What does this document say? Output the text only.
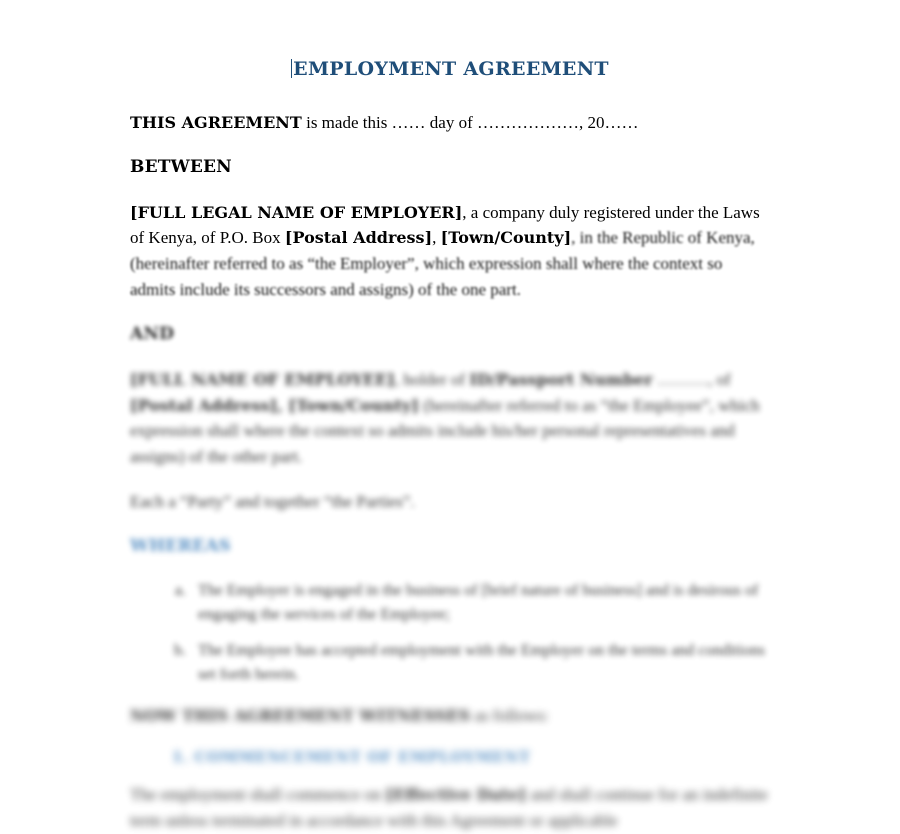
EMPLOYMENT AGREEMENT

THIS AGREEMENT is made this …… day of ………………, 20……

BETWEEN

[FULL LEGAL NAME OF EMPLOYER], a company duly registered under the Laws of Kenya, of P.O. Box [Postal Address], [Town/County], in the Republic of Kenya, (hereinafter referred to as “the Employer”, which expression shall where the context so admits include its successors and assigns) of the one part.

AND

[FULL NAME OF EMPLOYEE], holder of ID/Passport Number ………, of [Postal Address], [Town/County] (hereinafter referred to as “the Employee”, which expression shall where the context so admits include his/her personal representatives and assigns) of the other part.

Each a “Party” and together “the Parties”.

WHEREAS

a. The Employer is engaged in the business of [brief nature of business] and is desirous of engaging the services of the Employee;
b. The Employee has accepted employment with the Employer on the terms and conditions set forth herein.

NOW THIS AGREEMENT WITNESSES as follows:

1. COMMENCEMENT OF EMPLOYMENT

The employment shall commence on [Effective Date] and shall continue for an indefinite term unless terminated in accordance with this Agreement or applicable
